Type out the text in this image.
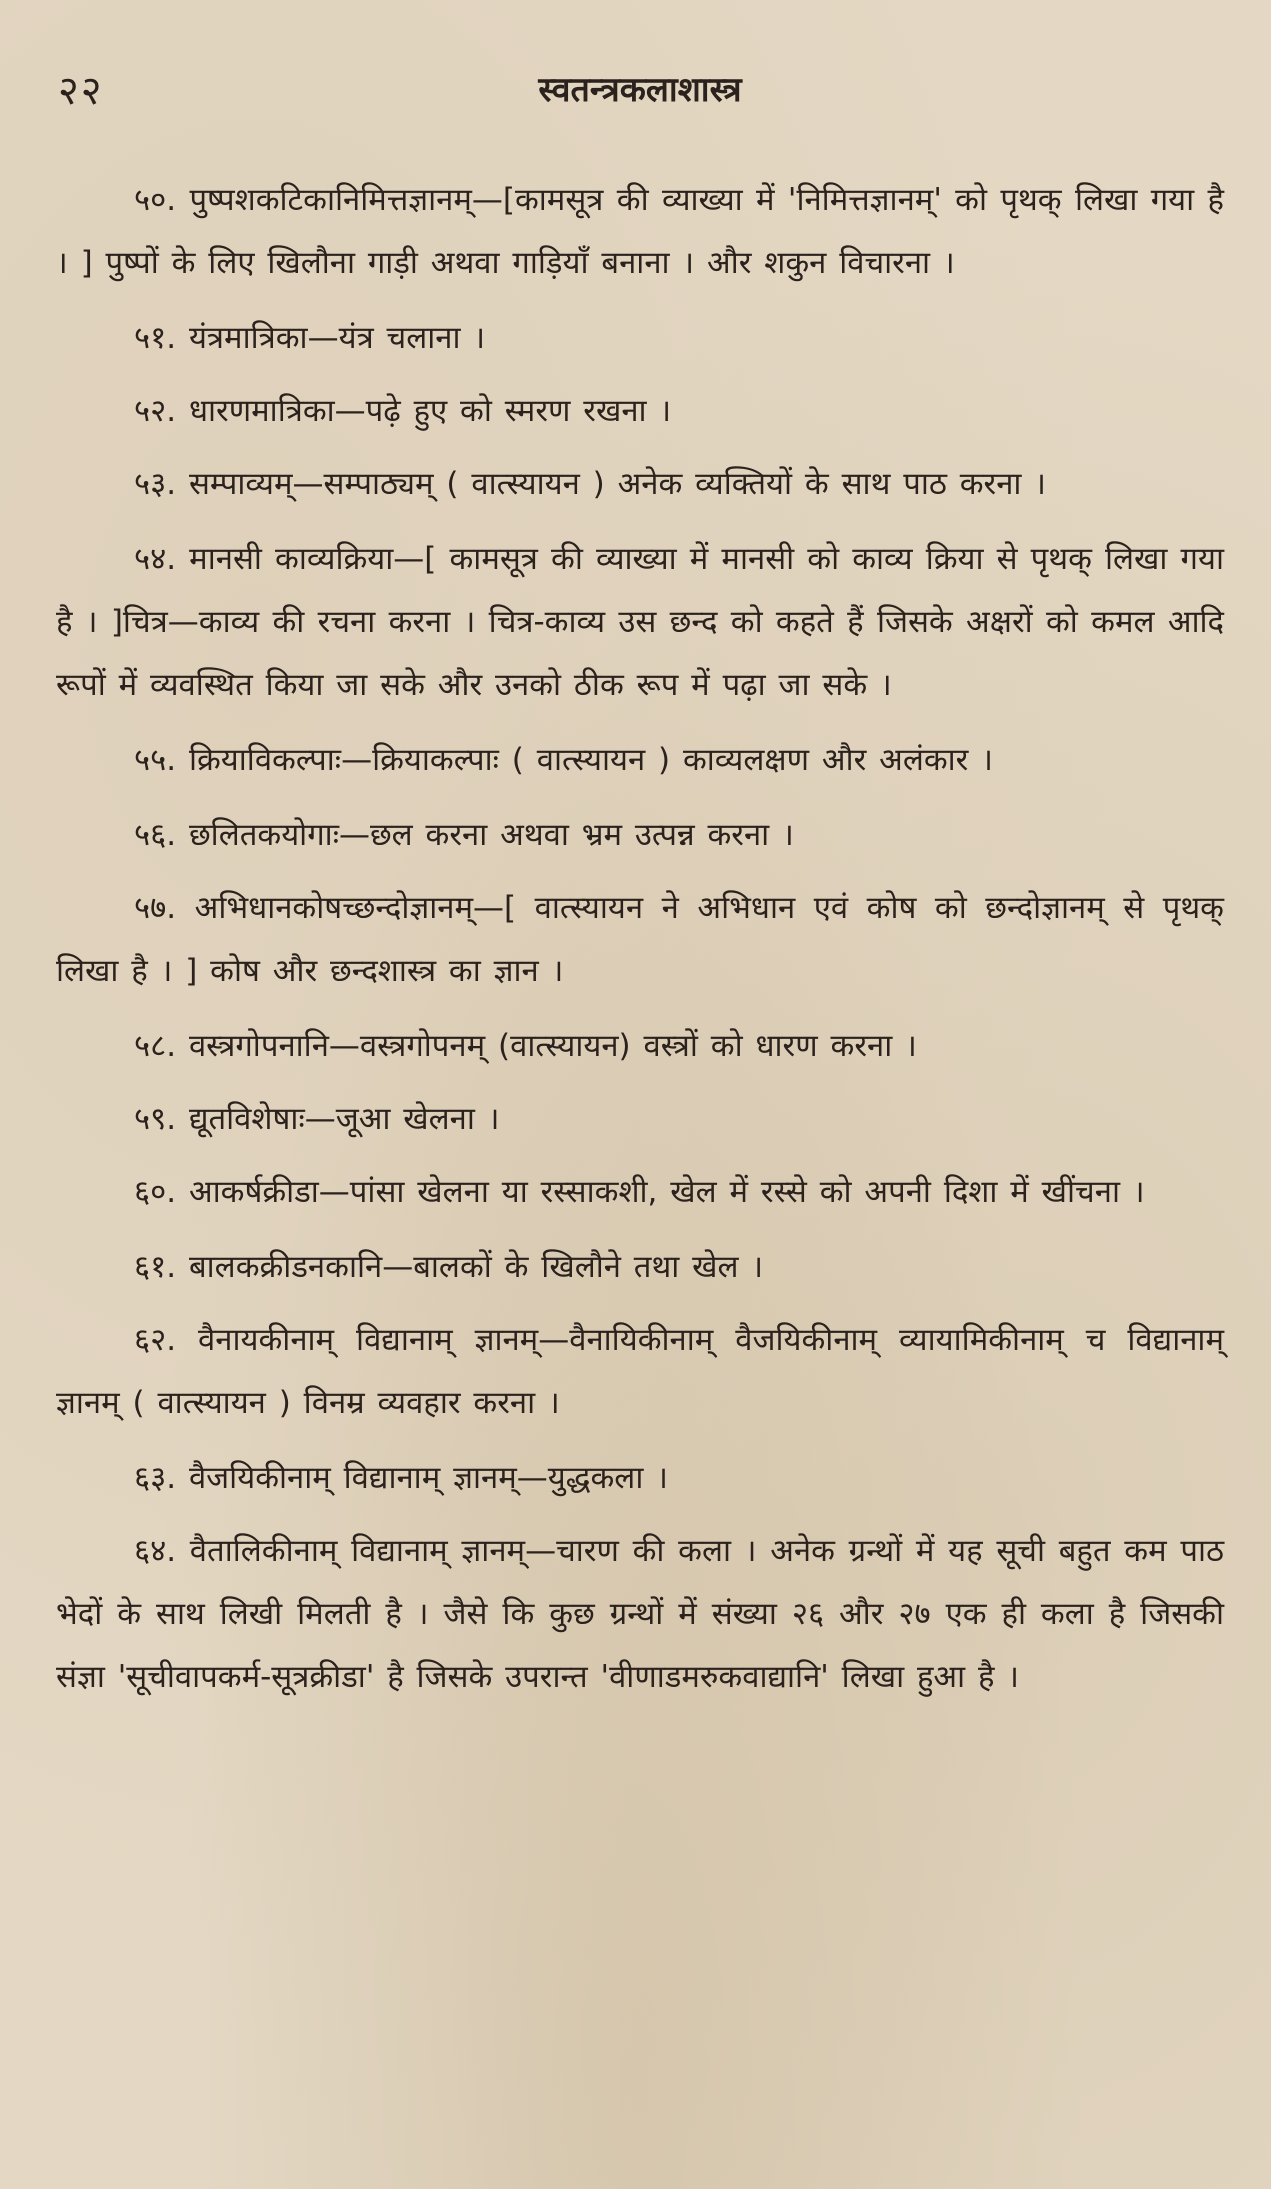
२२	स्वतन्त्रकलाशास्त्र

५०. पुष्पशकटिकानिमित्तज्ञानम्—[कामसूत्र की व्याख्या में 'निमित्तज्ञानम्' को पृथक् लिखा गया है । ] पुष्पों के लिए खिलौना गाड़ी अथवा गाड़ियाँ बनाना । और शकुन विचारना ।

५१. यंत्रमात्रिका—यंत्र चलाना ।

५२. धारणमात्रिका—पढ़े हुए को स्मरण रखना ।

५३. सम्पाव्यम्—सम्पाठ्यम् ( वात्स्यायन ) अनेक व्यक्तियों के साथ पाठ करना ।

५४. मानसी काव्यक्रिया—[ कामसूत्र की व्याख्या में मानसी को काव्य क्रिया से पृथक् लिखा गया है । ]चित्र—काव्य की रचना करना । चित्र-काव्य उस छन्द को कहते हैं जिसके अक्षरों को कमल आदि रूपों में व्यवस्थित किया जा सके और उनको ठीक रूप में पढ़ा जा सके ।

५५. क्रियाविकल्पाः—क्रियाकल्पाः ( वात्स्यायन ) काव्यलक्षण और अलंकार ।

५६. छलितकयोगाः—छल करना अथवा भ्रम उत्पन्न करना ।

५७. अभिधानकोषच्छन्दोज्ञानम्—[ वात्स्यायन ने अभिधान एवं कोष को छन्दोज्ञानम् से पृथक् लिखा है । ] कोष और छन्दशास्त्र का ज्ञान ।

५८. वस्त्रगोपनानि—वस्त्रगोपनम् (वात्स्यायन) वस्त्रों को धारण करना ।

५९. द्यूतविशेषाः—जूआ खेलना ।

६०. आकर्षक्रीडा—पांसा खेलना या रस्साकशी, खेल में रस्से को अपनी दिशा में खींचना ।

६१. बालकक्रीडनकानि—बालकों के खिलौने तथा खेल ।

६२. वैनायकीनाम् विद्यानाम् ज्ञानम्—वैनायिकीनाम् वैजयिकीनाम् व्यायामिकीनाम् च विद्यानाम् ज्ञानम् ( वात्स्यायन ) विनम्र व्यवहार करना ।

६३. वैजयिकीनाम् विद्यानाम् ज्ञानम्—युद्धकला ।

६४. वैतालिकीनाम् विद्यानाम् ज्ञानम्—चारण की कला । अनेक ग्रन्थों में यह सूची बहुत कम पाठ भेदों के साथ लिखी मिलती है । जैसे कि कुछ ग्रन्थों में संख्या २६ और २७ एक ही कला है जिसकी संज्ञा 'सूचीवापकर्म-सूत्रक्रीडा' है जिसके उपरान्त 'वीणाडमरुकवाद्यानि' लिखा हुआ है ।
